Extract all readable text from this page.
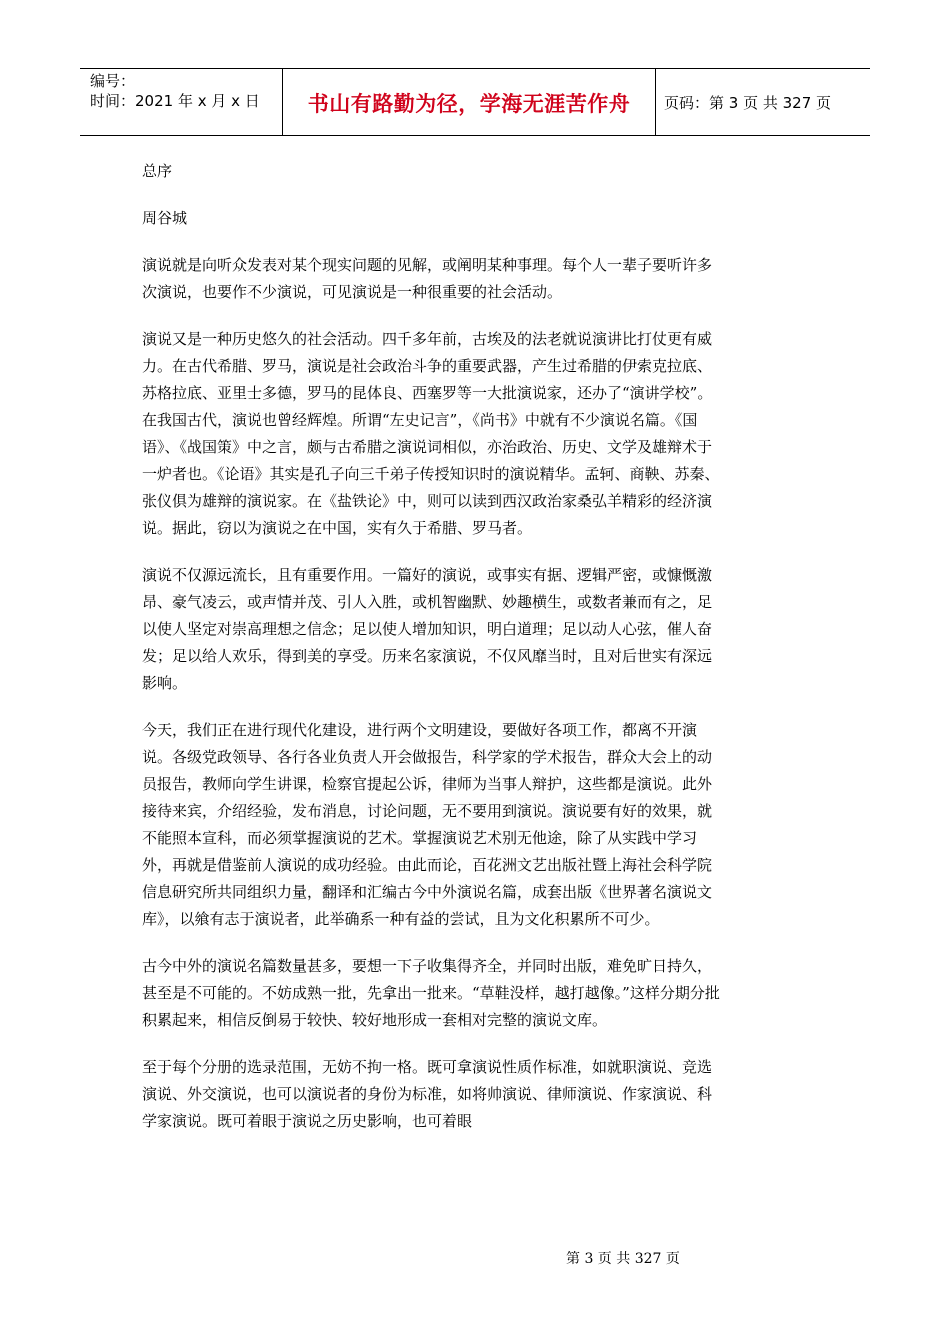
编号：
时间：2021 年 x 月 x 日	书山有路勤为径，学海无涯苦作舟 页码：第 3 页 共 327 页

总序

周谷城

演说就是向听众发表对某个现实问题的见解，或阐明某种事理。每个人一辈子要听许多次演说，也要作不少演说，可见演说是一种很重要的社会活动。

演说又是一种历史悠久的社会活动。四千多年前，古埃及的法老就说演讲比打仗更有威力。在古代希腊、罗马，演说是社会政治斗争的重要武器，产生过希腊的伊索克拉底、苏格拉底、亚里士多德，罗马的昆体良、西塞罗等一大批演说家，还办了“演讲学校”。在我国古代，演说也曾经辉煌。所谓“左史记言”，《尚书》中就有不少演说名篇。《国语》、《战国策》中之言，颇与古希腊之演说词相似，亦治政治、历史、文学及雄辩术于一炉者也。《论语》其实是孔子向三千弟子传授知识时的演说精华。孟轲、商鞅、苏秦、张仪俱为雄辩的演说家。在《盐铁论》中，则可以读到西汉政治家桑弘羊精彩的经济演说。据此，窃以为演说之在中国，实有久于希腊、罗马者。

演说不仅源远流长，且有重要作用。一篇好的演说，或事实有据、逻辑严密，或慷慨激昂、豪气凌云，或声情并茂、引人入胜，或机智幽默、妙趣横生，或数者兼而有之，足以使人坚定对崇高理想之信念；足以使人增加知识，明白道理；足以动人心弦，催人奋发；足以给人欢乐，得到美的享受。历来名家演说，不仅风靡当时，且对后世实有深远影响。

今天，我们正在进行现代化建设，进行两个文明建设，要做好各项工作，都离不开演说。各级党政领导、各行各业负责人开会做报告，科学家的学术报告，群众大会上的动员报告，教师向学生讲课，检察官提起公诉，律师为当事人辩护，这些都是演说。此外接待来宾，介绍经验，发布消息，讨论问题，无不要用到演说。演说要有好的效果，就不能照本宣科，而必须掌握演说的艺术。掌握演说艺术别无他途，除了从实践中学习外，再就是借鉴前人演说的成功经验。由此而论，百花洲文艺出版社暨上海社会科学院信息研究所共同组织力量，翻译和汇编古今中外演说名篇，成套出版《世界著名演说文库》，以飨有志于演说者，此举确系一种有益的尝试，且为文化积累所不可少。

古今中外的演说名篇数量甚多，要想一下子收集得齐全，并同时出版，难免旷日持久，甚至是不可能的。不妨成熟一批，先拿出一批来。“草鞋没样，越打越像。”这样分期分批积累起来，相信反倒易于较快、较好地形成一套相对完整的演说文库。

至于每个分册的选录范围，无妨不拘一格。既可拿演说性质作标准，如就职演说、竞选演说、外交演说，也可以演说者的身份为标准，如将帅演说、律师演说、作家演说、科学家演说。既可着眼于演说之历史影响，也可着眼

第 3 页 共 327 页
